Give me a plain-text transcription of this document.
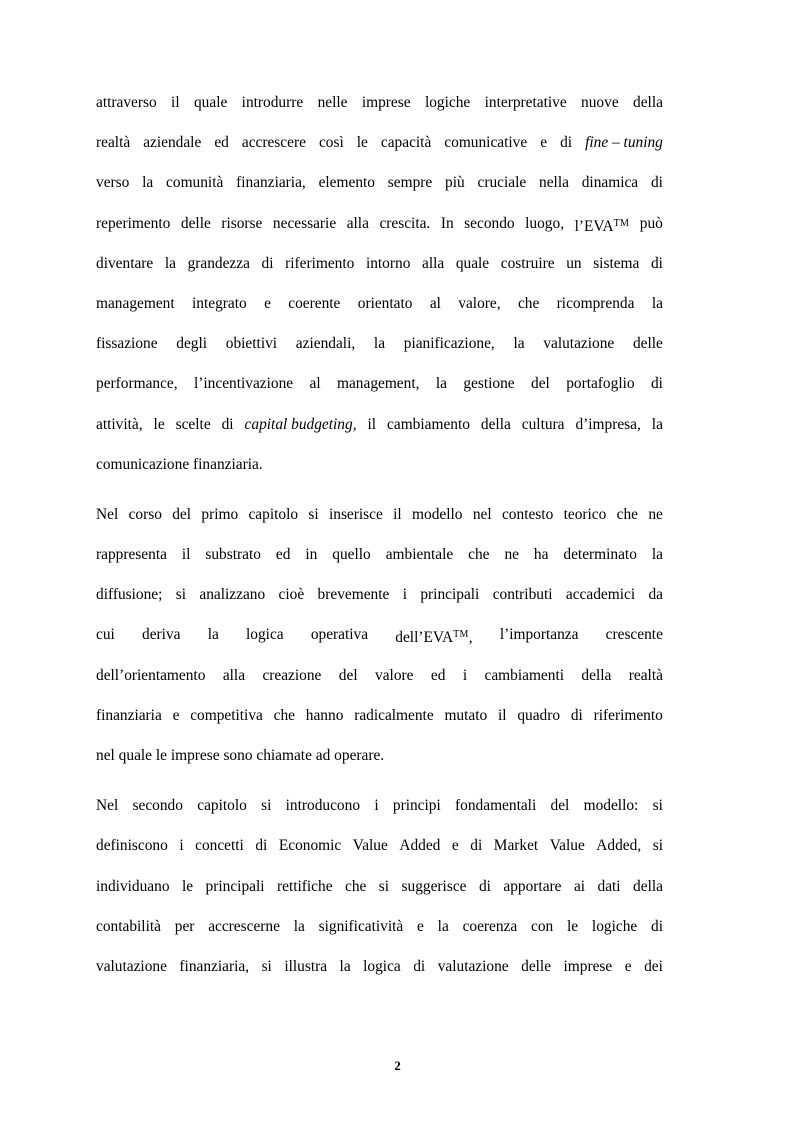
attraverso il quale introdurre nelle imprese logiche interpretative nuove della
realtà aziendale ed accrescere così le capacità comunicative e di fine – tuning
verso la comunità finanziaria, elemento sempre più cruciale nella dinamica di
reperimento delle risorse necessarie alla crescita. In secondo luogo, l’EVA™ può
diventare la grandezza di riferimento intorno alla quale costruire un sistema di
management integrato e coerente orientato al valore, che ricomprenda la
fissazione degli obiettivi aziendali, la pianificazione, la valutazione delle
performance, l’incentivazione al management, la gestione del portafoglio di
attività, le scelte di capital budgeting, il cambiamento della cultura d’impresa, la
comunicazione finanziaria.
Nel corso del primo capitolo si inserisce il modello nel contesto teorico che ne
rappresenta il substrato ed in quello ambientale che ne ha determinato la
diffusione; si analizzano cioè brevemente i principali contributi accademici da
cui deriva la logica operativa dell’EVA™, l’importanza crescente
dell’orientamento alla creazione del valore ed i cambiamenti della realtà
finanziaria e competitiva che hanno radicalmente mutato il quadro di riferimento
nel quale le imprese sono chiamate ad operare.
Nel secondo capitolo si introducono i principi fondamentali del modello: si
definiscono i concetti di Economic Value Added e di Market Value Added, si
individuano le principali rettifiche che si suggerisce di apportare ai dati della
contabilità per accrescerne la significatività e la coerenza con le logiche di
valutazione finanziaria, si illustra la logica di valutazione delle imprese e dei
2
